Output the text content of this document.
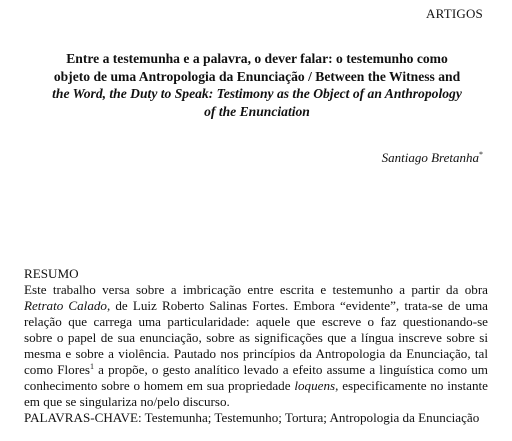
ARTIGOS
Entre a testemunha e a palavra, o dever falar: o testemunho como
objeto de uma Antropologia da Enunciação / Between the Witness and
the Word, the Duty to Speak: Testimony as the Object of an Anthropology
of the Enunciation
Santiago Bretanha*
RESUMO
Este trabalho versa sobre a imbricação entre escrita e testemunho a partir da obra Retrato Calado, de Luiz Roberto Salinas Fortes. Embora “evidente”, trata-se de uma relação que carrega uma particularidade: aquele que escreve o faz questionando-se sobre o papel de sua enunciação, sobre as significações que a língua inscreve sobre si mesma e sobre a violência. Pautado nos princípios da Antropologia da Enunciação, tal como Flores$^1$ a propõe, o gesto analítico levado a efeito assume a linguística como um conhecimento sobre o homem em sua propriedade loquens, especificamente no instante em que se singulariza no/pelo discurso.
PALAVRAS-CHAVE: Testemunha; Testemunho; Tortura; Antropologia da Enunciação
